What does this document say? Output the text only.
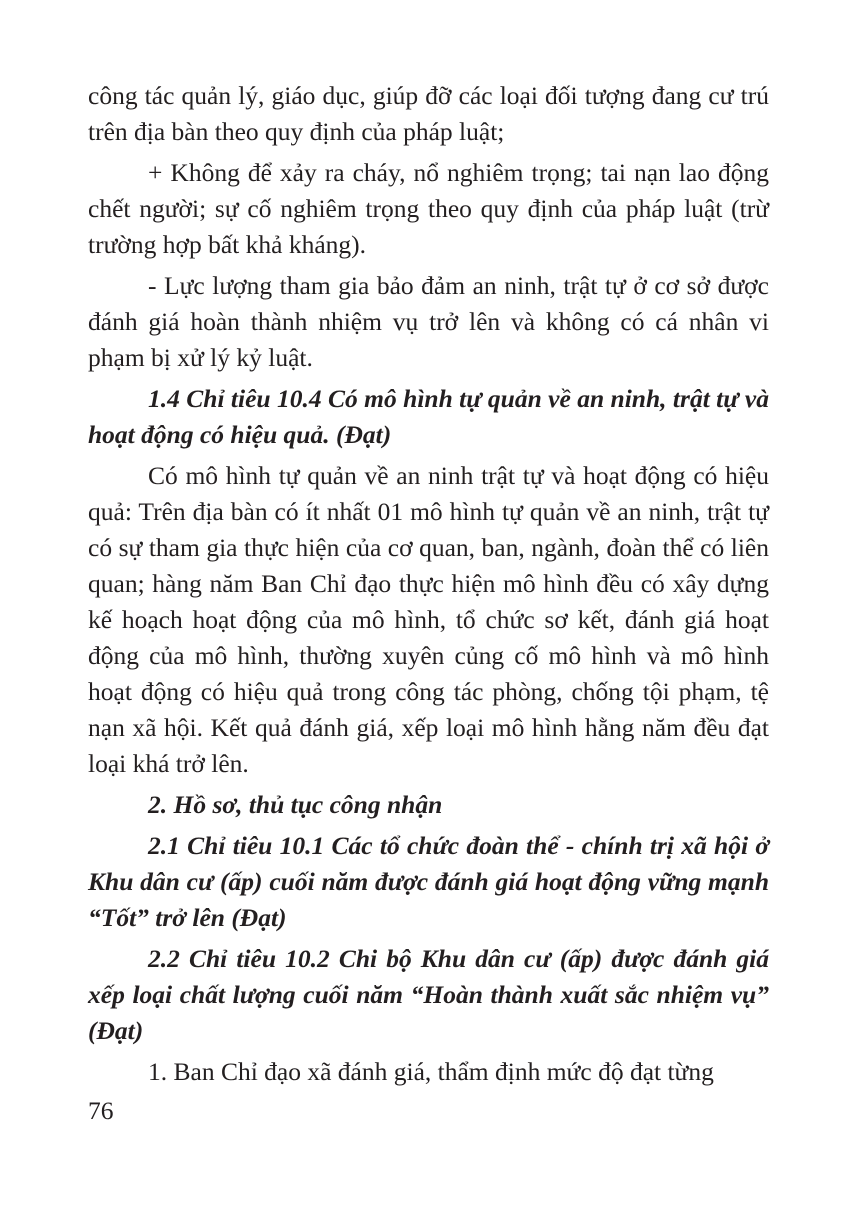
công tác quản lý, giáo dục, giúp đỡ các loại đối tượng đang cư trú trên địa bàn theo quy định của pháp luật;

+ Không để xảy ra cháy, nổ nghiêm trọng; tai nạn lao động chết người; sự cố nghiêm trọng theo quy định của pháp luật (trừ trường hợp bất khả kháng).

- Lực lượng tham gia bảo đảm an ninh, trật tự ở cơ sở được đánh giá hoàn thành nhiệm vụ trở lên và không có cá nhân vi phạm bị xử lý kỷ luật.

1.4 Chỉ tiêu 10.4 Có mô hình tự quản về an ninh, trật tự và hoạt động có hiệu quả. (Đạt)

Có mô hình tự quản về an ninh trật tự và hoạt động có hiệu quả: Trên địa bàn có ít nhất 01 mô hình tự quản về an ninh, trật tự có sự tham gia thực hiện của cơ quan, ban, ngành, đoàn thể có liên quan; hàng năm Ban Chỉ đạo thực hiện mô hình đều có xây dựng kế hoạch hoạt động của mô hình, tổ chức sơ kết, đánh giá hoạt động của mô hình, thường xuyên củng cố mô hình và mô hình hoạt động có hiệu quả trong công tác phòng, chống tội phạm, tệ nạn xã hội. Kết quả đánh giá, xếp loại mô hình hằng năm đều đạt loại khá trở lên.

2. Hồ sơ, thủ tục công nhận

2.1 Chỉ tiêu 10.1 Các tổ chức đoàn thể - chính trị xã hội ở Khu dân cư (ấp) cuối năm được đánh giá hoạt động vững mạnh “Tốt” trở lên (Đạt)

2.2 Chỉ tiêu 10.2 Chi bộ Khu dân cư (ấp) được đánh giá xếp loại chất lượng cuối năm “Hoàn thành xuất sắc nhiệm vụ” (Đạt)

1. Ban Chỉ đạo xã đánh giá, thẩm định mức độ đạt từng

76
